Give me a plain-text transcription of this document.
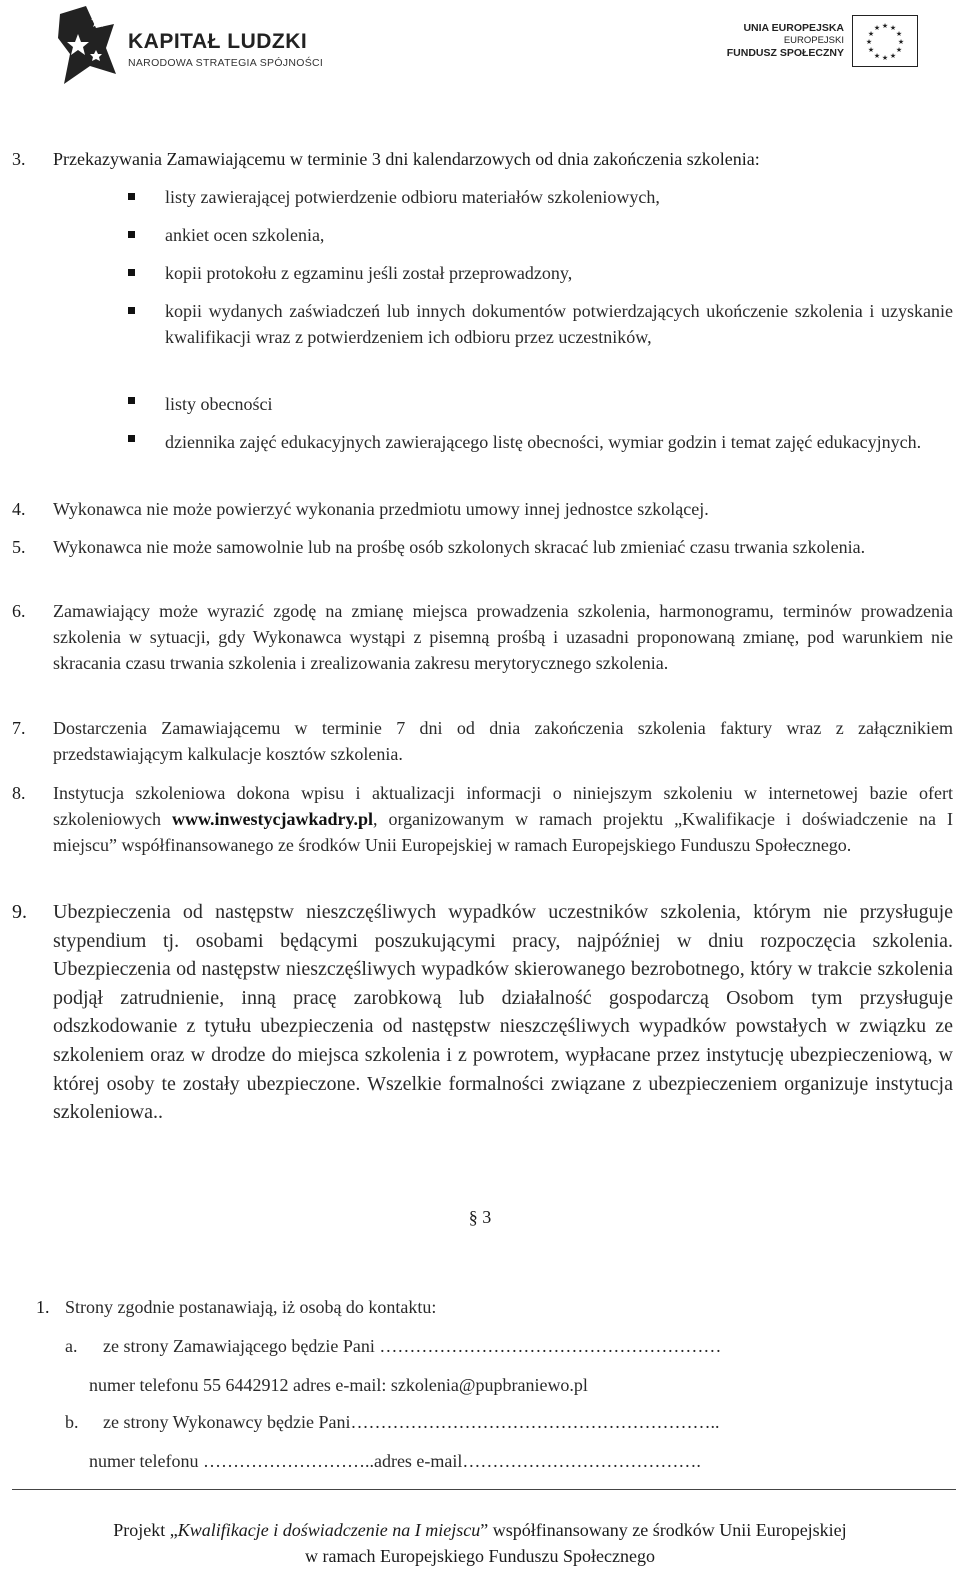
KAPITAŁ LUDZKI
NARODOWA STRATEGIA SPÓJNOŚCI
UNIA EUROPEJSKA
EUROPEJSKI
FUNDUSZ SPOŁECZNY
★ ★
★
★
★
★
★
★
★
★
★
★
3. Przekazywania Zamawiającemu w terminie 3 dni kalendarzowych od dnia zakończenia szkolenia:
listy zawierającej potwierdzenie odbioru materiałów szkoleniowych,
ankiet ocen szkolenia,
kopii protokołu z egzaminu jeśli został przeprowadzony,
kopii wydanych zaświadczeń lub innych dokumentów potwierdzających ukończenie szkolenia i uzyskanie kwalifikacji wraz z potwierdzeniem ich odbioru przez uczestników,
listy obecności
dziennika zajęć edukacyjnych zawierającego listę obecności, wymiar godzin i temat zajęć edukacyjnych.
4. Wykonawca nie może powierzyć wykonania przedmiotu umowy innej jednostce szkolącej.
5. Wykonawca nie może samowolnie lub na prośbę osób szkolonych skracać lub zmieniać czasu trwania szkolenia.
6. Zamawiający może wyrazić zgodę na zmianę miejsca prowadzenia szkolenia, harmonogramu, terminów prowadzenia szkolenia w sytuacji, gdy Wykonawca wystąpi z pisemną prośbą i uzasadni proponowaną zmianę, pod warunkiem nie skracania czasu trwania szkolenia i zrealizowania zakresu merytorycznego szkolenia.
7. Dostarczenia Zamawiającemu w terminie 7 dni od dnia zakończenia szkolenia faktury wraz z załącznikiem przedstawiającym kalkulacje kosztów szkolenia.
8. Instytucja szkoleniowa dokona wpisu i aktualizacji informacji o niniejszym szkoleniu w internetowej bazie ofert szkoleniowych www.inwestycjawkadry.pl, organizowanym w ramach projektu „Kwalifikacje i doświadczenie na I miejscu” współfinansowanego ze środków Unii Europejskiej w ramach Europejskiego Funduszu Społecznego.
9. Ubezpieczenia od następstw nieszczęśliwych wypadków uczestników szkolenia, którym nie przysługuje stypendium tj. osobami będącymi poszukującymi pracy, najpóźniej w dniu rozpoczęcia szkolenia. Ubezpieczenia od następstw nieszczęśliwych wypadków skierowanego bezrobotnego, który w trakcie szkolenia podjął zatrudnienie, inną pracę zarobkową lub działalność gospodarczą Osobom tym przysługuje odszkodowanie z tytułu ubezpieczenia od następstw nieszczęśliwych wypadków powstałych w związku ze szkoleniem oraz w drodze do miejsca szkolenia i z powrotem, wypłacane przez instytucję ubezpieczeniową, w której osoby te zostały ubezpieczone. Wszelkie formalności związane z ubezpieczeniem organizuje instytucja szkoleniowa..
§ 3
1. Strony zgodnie postanawiają, iż osobą do kontaktu:
a. ze strony Zamawiającego będzie Pani …………………………………………………
numer telefonu 55 6442912 adres e-mail: szkolenia@pupbraniewo.pl
b. ze strony Wykonawcy będzie Pani……………………………………………………..
numer telefonu ………………………..adres e-mail………………………………….
Projekt „Kwalifikacje i doświadczenie na I miejscu” współfinansowany ze środków Unii Europejskiej
w ramach Europejskiego Funduszu Społecznego
